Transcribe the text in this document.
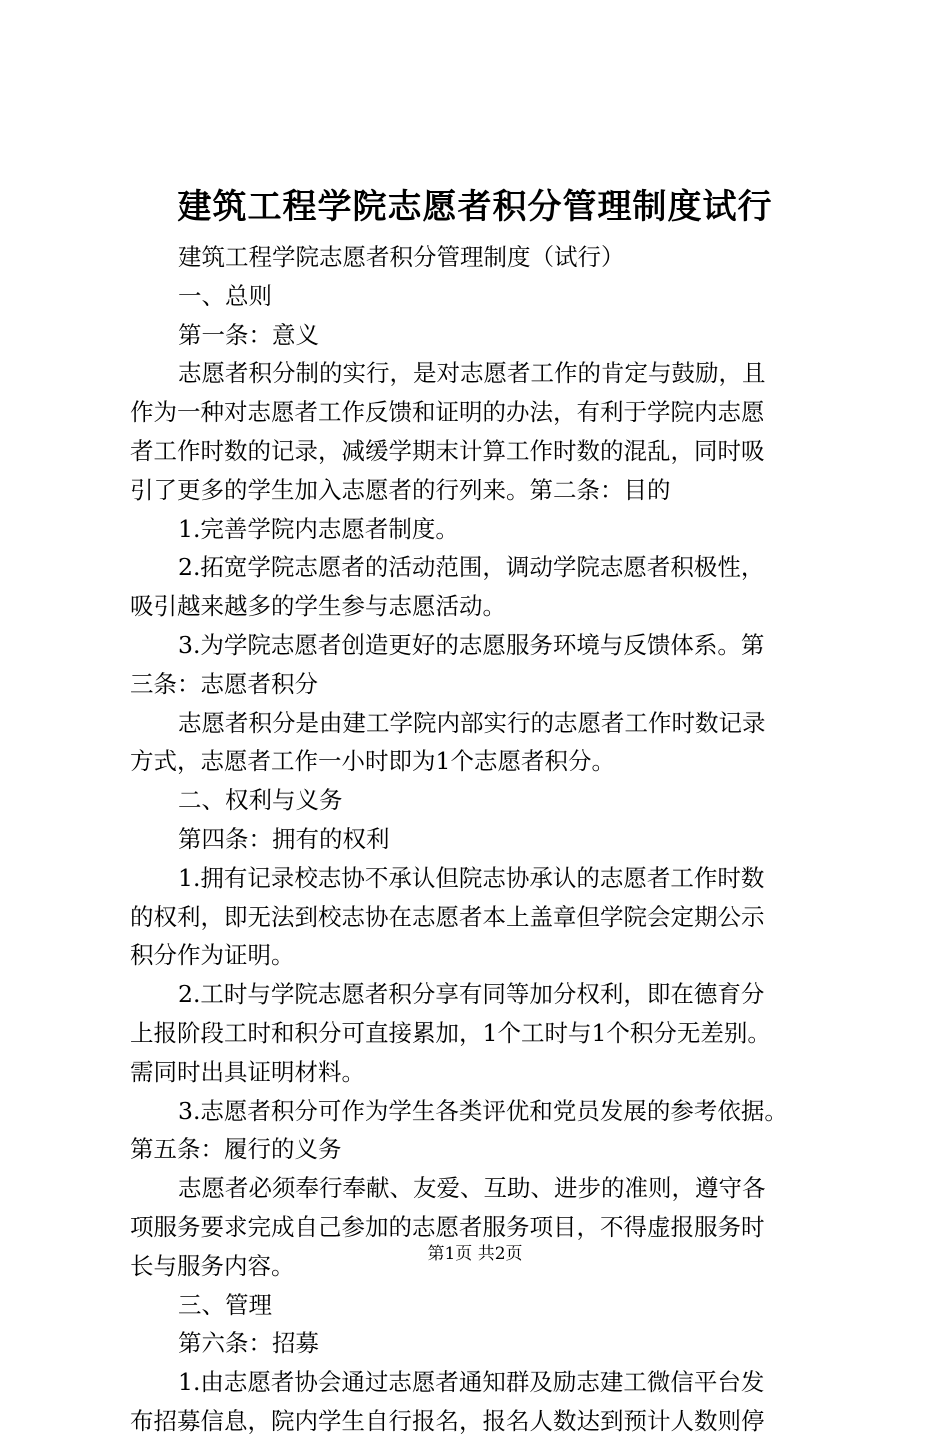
建筑工程学院志愿者积分管理制度试行
建筑工程学院志愿者积分管理制度（试行）
一、总则
第一条：意义
志愿者积分制的实行，是对志愿者工作的肯定与鼓励，且
作为一种对志愿者工作反馈和证明的办法，有利于学院内志愿
者工作时数的记录，减缓学期末计算工作时数的混乱，同时吸
引了更多的学生加入志愿者的行列来。第二条：目的
1.完善学院内志愿者制度。
2.拓宽学院志愿者的活动范围，调动学院志愿者积极性，
吸引越来越多的学生参与志愿活动。
3.为学院志愿者创造更好的志愿服务环境与反馈体系。第
三条：志愿者积分
志愿者积分是由建工学院内部实行的志愿者工作时数记录
方式，志愿者工作一小时即为1个志愿者积分。
二、权利与义务
第四条：拥有的权利
1.拥有记录校志协不承认但院志协承认的志愿者工作时数
的权利，即无法到校志协在志愿者本上盖章但学院会定期公示
积分作为证明。
2.工时与学院志愿者积分享有同等加分权利，即在德育分
上报阶段工时和积分可直接累加，1个工时与1个积分无差别。
需同时出具证明材料。
3.志愿者积分可作为学生各类评优和党员发展的参考依据。
第五条：履行的义务
志愿者必须奉行奉献、友爱、互助、进步的准则，遵守各
项服务要求完成自己参加的志愿者服务项目，不得虚报服务时
长与服务内容。
三、管理
第六条：招募
1.由志愿者协会通过志愿者通知群及励志建工微信平台发
布招募信息，院内学生自行报名，报名人数达到预计人数则停
第1页 共2页
